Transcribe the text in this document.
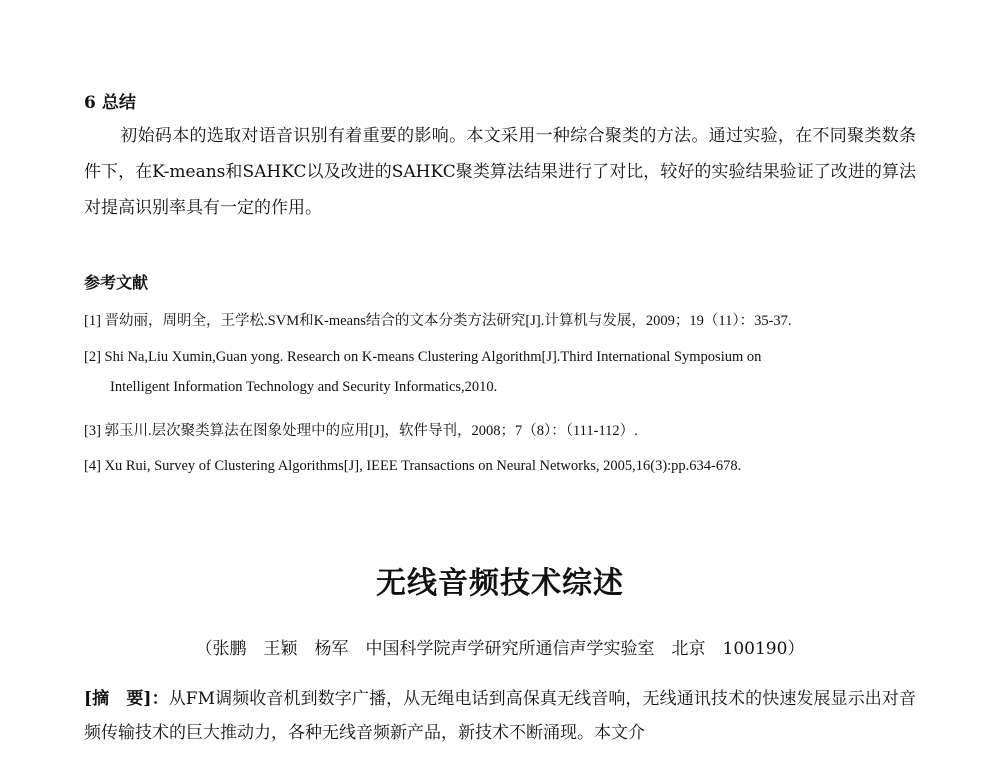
6 总结

初始码本的选取对语音识别有着重要的影响。本文采用一种综合聚类的方法。通过实验，在不同聚类数条件下，在K-means和SAHKC以及改进的SAHKC聚类算法结果进行了对比，较好的实验结果验证了改进的算法对提高识别率具有一定的作用。

参考文献

[1] 晋幼丽，周明全，王学松.SVM和K-means结合的文本分类方法研究[J].计算机与发展，2009；19（11）：35-37.

[2] Shi Na,Liu Xumin,Guan yong. Research on K-means Clustering Algorithm[J].Third International Symposium on
Intelligent Information Technology and Security Informatics,2010.

[3] 郭玉川.层次聚类算法在图象处理中的应用[J]，软件导刊，2008；7（8）：（111-112）.

[4] Xu Rui, Survey of Clustering Algorithms[J], IEEE Transactions on Neural Networks, 2005,16(3):pp.634-678.

无线音频技术综述

（张鹏　王颖　杨军　中国科学院声学研究所通信声学实验室　北京　100190）

[摘　要]：从FM调频收音机到数字广播，从无绳电话到高保真无线音响，无线通讯技术的快速发展显示出对音频传输技术的巨大推动力，各种无线音频新产品，新技术不断涌现。本文介
